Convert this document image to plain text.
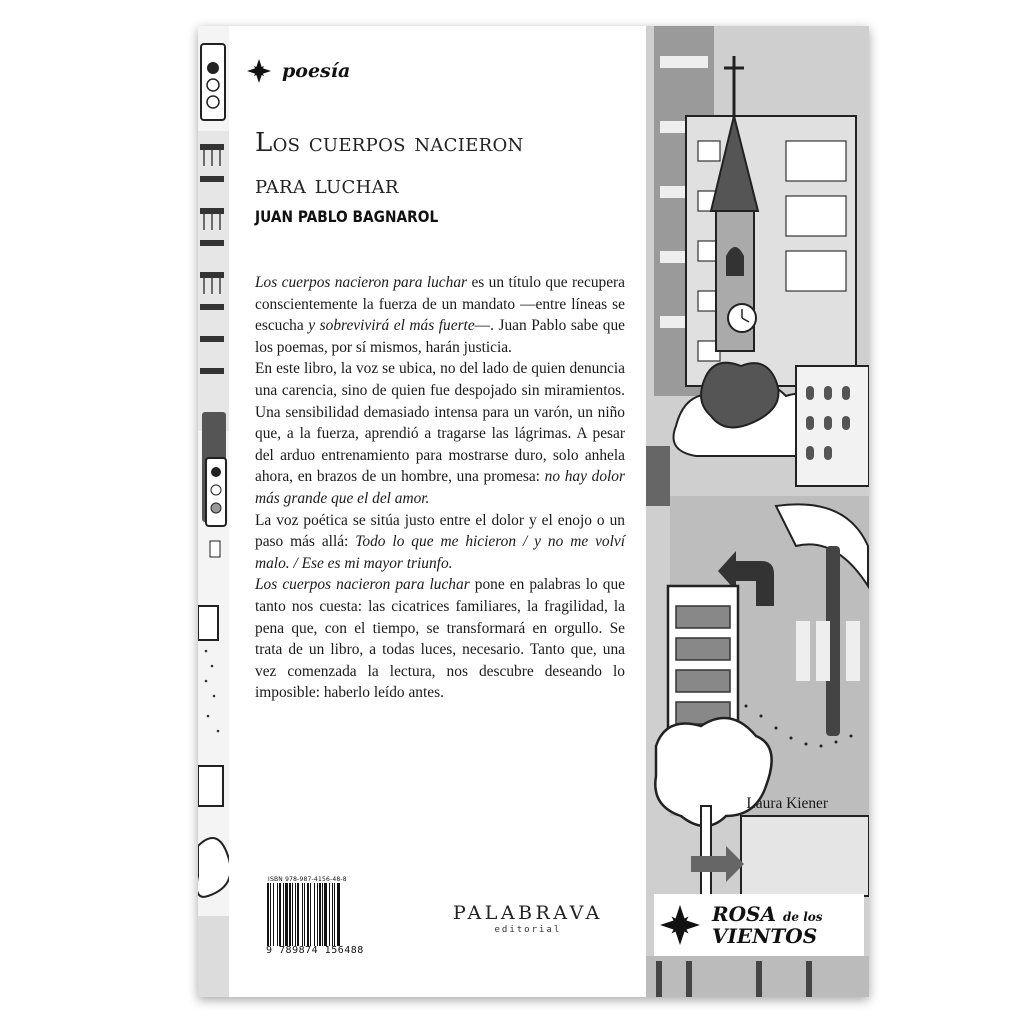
poesía
Los cuerpos nacieron
para luchar
JUAN PABLO BAGNAROL

Los cuerpos nacieron para luchar es un título que recupera conscientemente la fuerza de un mandato —entre líneas se escucha y sobrevivirá el más fuerte—. Juan Pablo sabe que los poemas, por sí mismos, harán justicia.

En este libro, la voz se ubica, no del lado de quien denuncia una carencia, sino de quien fue despojado sin miramientos. Una sensibilidad demasiado intensa para un varón, un niño que, a la fuerza, aprendió a tragarse las lágrimas. A pesar del arduo entrenamiento para mostrarse duro, solo anhela ahora, en brazos de un hombre, una promesa: no hay dolor más grande que el del amor.

La voz poética se sitúa justo entre el dolor y el enojo o un paso más allá: Todo lo que me hicieron / y no me volví malo. / Ese es mi mayor triunfo.

Los cuerpos nacieron para luchar pone en palabras lo que tanto nos cuesta: las cicatrices familiares, la fragilidad, la pena que, con el tiempo, se transformará en orgullo. Se trata de un libro, a todas luces, necesario. Tanto que, una vez comenzada la lectura, nos descubre deseando lo imposible: haberlo leído antes.

Laura Kiener
ISBN 978-987-4156-48-8
9 789874 156488
PALABRAVA
editorial
ROSA de los
VIENTOS
